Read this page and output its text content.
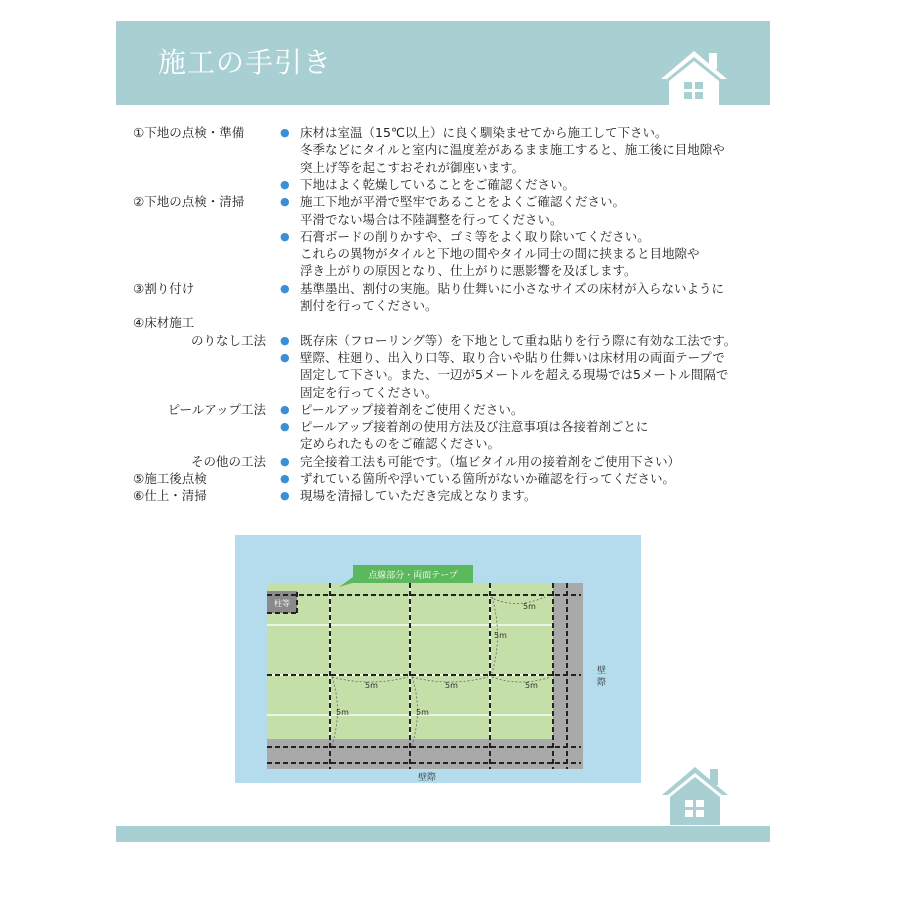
施工の手引き
①下地の点検・準備	● 床材は室温（15℃以上）に良く馴染ませてから施工して下さい。
冬季などにタイルと室内に温度差があるまま施工すると、施工後に目地隙や
突上げ等を起こすおそれが御座います。
● 下地はよく乾燥していることをご確認ください。
②下地の点検・清掃	● 施工下地が平滑で堅牢であることをよくご確認ください。
平滑でない場合は不陸調整を行ってください。
● 石膏ボードの削りかすや、ゴミ等をよく取り除いてください。
これらの異物がタイルと下地の間やタイル同士の間に挟まると目地隙や
浮き上がりの原因となり、仕上がりに悪影響を及ぼします。
③割り付け	● 基準墨出、割付の実施。貼り仕舞いに小さなサイズの床材が入らないように
割付を行ってください。
④床材施工
のりなし工法 ● 既存床（フローリング等）を下地として重ね貼りを行う際に有効な工法です。
● 壁際、柱廻り、出入り口等、取り合いや貼り仕舞いは床材用の両面テープで
固定して下さい。また、一辺が5メートルを超える現場では5メートル間隔で
固定を行ってください。
ピールアップ工法 ● ピールアップ接着剤をご使用ください。
● ピールアップ接着剤の使用方法及び注意事項は各接着剤ごとに
定められたものをご確認ください。
その他の工法 ● 完全接着工法も可能です。（塩ビタイル用の接着剤をご使用下さい）
⑤施工後点検	● ずれている箇所や浮いている箇所がないか確認を行ってください。
⑥仕上・清掃	● 現場を清掃していただき完成となります。
柱等	5m
5m
5m	5m	5m
5m	5m
点線部分・両面テープ
壁
際
壁際
